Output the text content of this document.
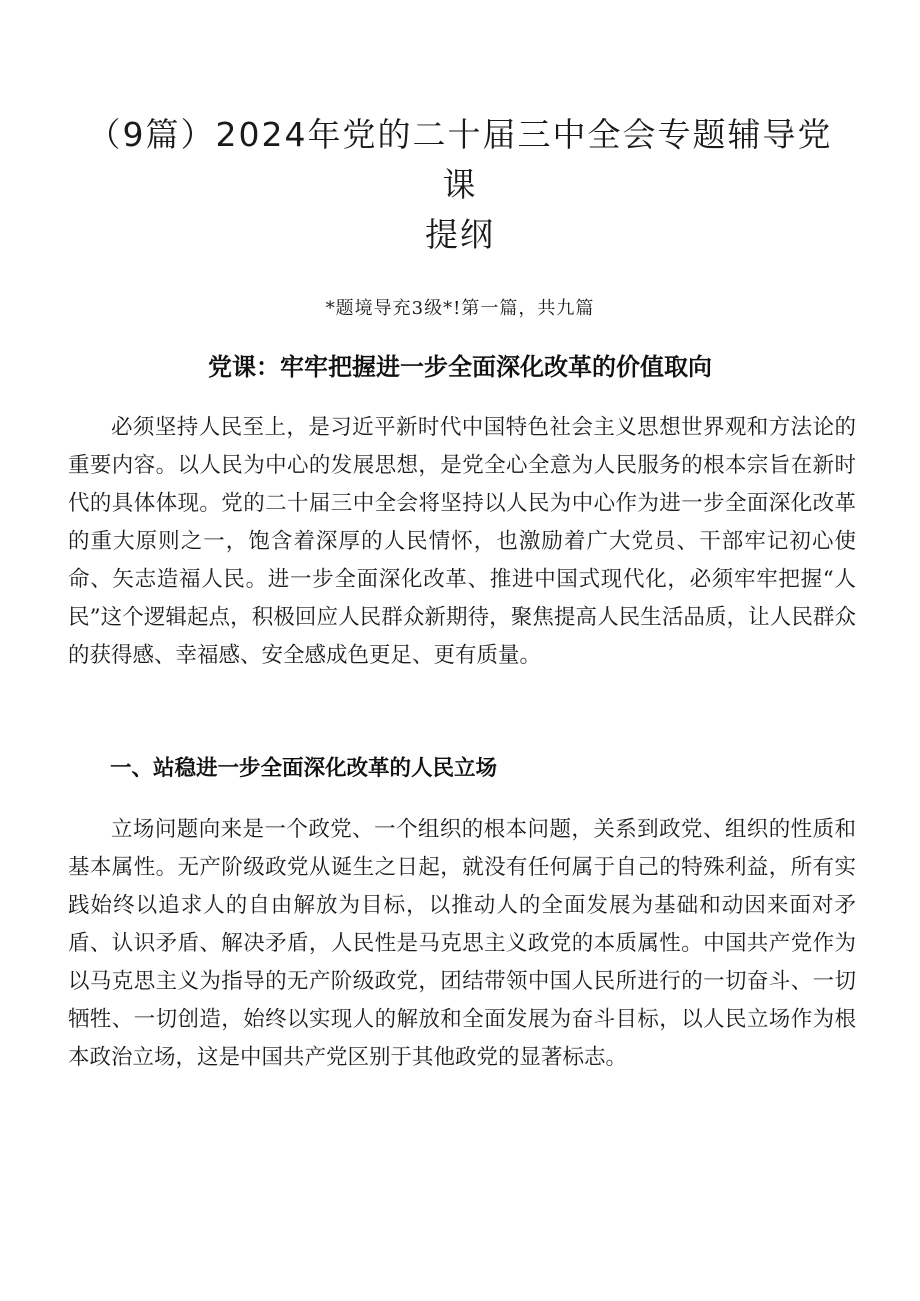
（9篇）2024年党的二十届三中全会专题辅导党课
提纲

*题境导充3级*!第一篇，共九篇

党课：牢牢把握进一步全面深化改革的价值取向

必须坚持人民至上，是习近平新时代中国特色社会主义思想世界观和方法论的重要内容。以人民为中心的发展思想，是党全心全意为人民服务的根本宗旨在新时代的具体体现。党的二十届三中全会将坚持以人民为中心作为进一步全面深化改革的重大原则之一，饱含着深厚的人民情怀，也激励着广大党员、干部牢记初心使命、矢志造福人民。进一步全面深化改革、推进中国式现代化，必须牢牢把握“人民”这个逻辑起点，积极回应人民群众新期待，聚焦提高人民生活品质，让人民群众的获得感、幸福感、安全感成色更足、更有质量。

一、站稳进一步全面深化改革的人民立场

立场问题向来是一个政党、一个组织的根本问题，关系到政党、组织的性质和基本属性。无产阶级政党从诞生之日起，就没有任何属于自己的特殊利益，所有实践始终以追求人的自由解放为目标，以推动人的全面发展为基础和动因来面对矛盾、认识矛盾、解决矛盾，人民性是马克思主义政党的本质属性。中国共产党作为以马克思主义为指导的无产阶级政党，团结带领中国人民所进行的一切奋斗、一切牺牲、一切创造，始终以实现人的解放和全面发展为奋斗目标，以人民立场作为根本政治立场，这是中国共产党区别于其他政党的显著标志。
